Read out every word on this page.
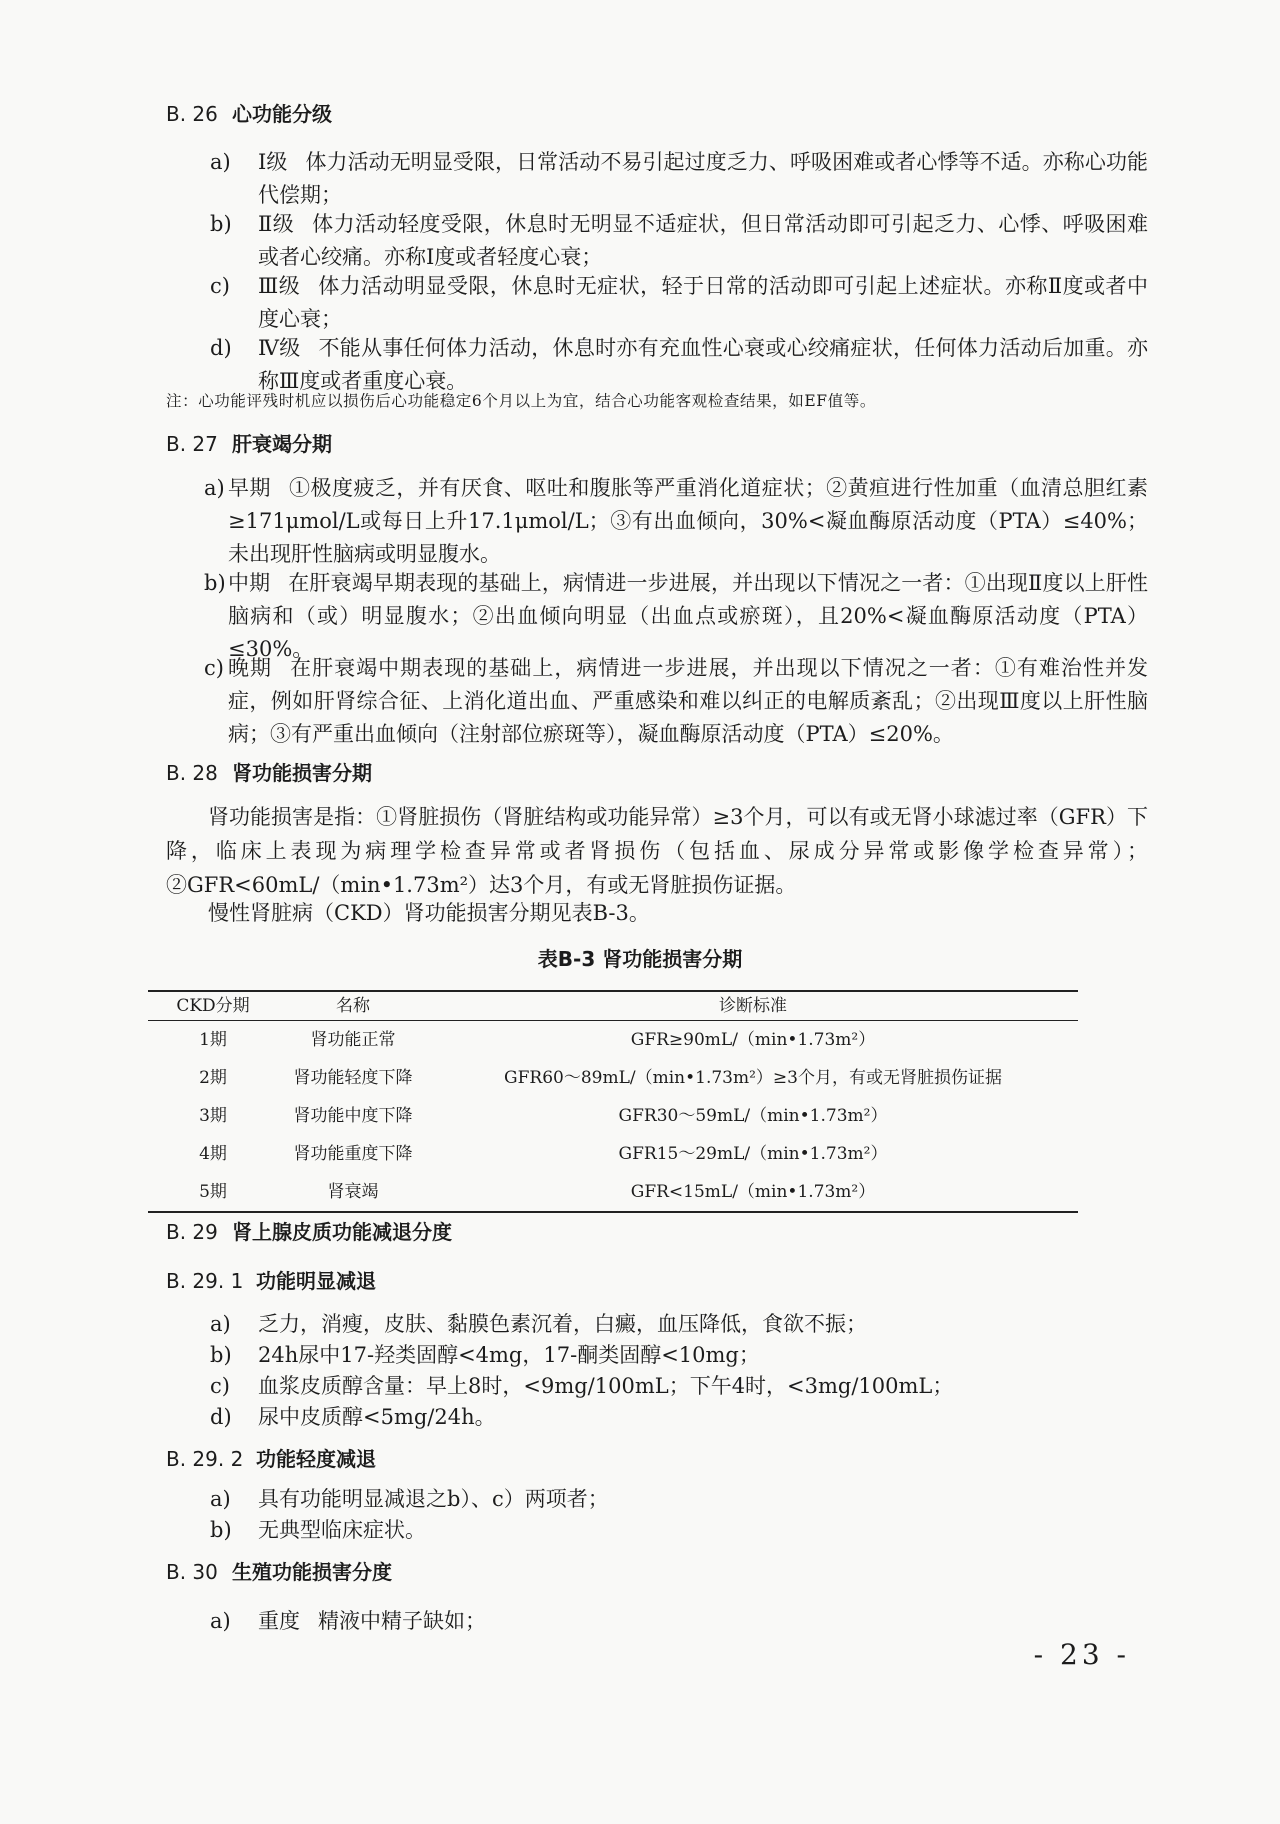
B. 26 心功能分级
a)	Ⅰ级 体力活动无明显受限，日常活动不易引起过度乏力、呼吸困难或者心悸等不适。亦称心功能代偿期；
b)	Ⅱ级 体力活动轻度受限，休息时无明显不适症状，但日常活动即可引起乏力、心悸、呼吸困难或者心绞痛。亦称Ⅰ度或者轻度心衰；
c)	Ⅲ级 体力活动明显受限，休息时无症状，轻于日常的活动即可引起上述症状。亦称Ⅱ度或者中度心衰；
d)	Ⅳ级 不能从事任何体力活动，休息时亦有充血性心衰或心绞痛症状，任何体力活动后加重。亦称Ⅲ度或者重度心衰。
注：心功能评残时机应以损伤后心功能稳定6个月以上为宜，结合心功能客观检查结果，如EF值等。
B. 27 肝衰竭分期
a) 早期 ①极度疲乏，并有厌食、呕吐和腹胀等严重消化道症状；②黄疸进行性加重（血清总胆红素≥171μmol/L或每日上升17.1μmol/L；③有出血倾向，30%<凝血酶原活动度（PTA）≤40%；未出现肝性脑病或明显腹水。
b) 中期 在肝衰竭早期表现的基础上，病情进一步进展，并出现以下情况之一者：①出现Ⅱ度以上肝性脑病和（或）明显腹水；②出血倾向明显（出血点或瘀斑），且20%<凝血酶原活动度（PTA）≤30%。
c) 晚期 在肝衰竭中期表现的基础上，病情进一步进展，并出现以下情况之一者：①有难治性并发症，例如肝肾综合征、上消化道出血、严重感染和难以纠正的电解质紊乱；②出现Ⅲ度以上肝性脑病；③有严重出血倾向（注射部位瘀斑等），凝血酶原活动度（PTA）≤20%。
B. 28 肾功能损害分期
肾功能损害是指：①肾脏损伤（肾脏结构或功能异常）≥3个月，可以有或无肾小球滤过率（GFR）下降，临床上表现为病理学检查异常或者肾损伤（包括血、尿成分异常或影像学检查异常）；②GFR<60mL/（min•1.73m²）达3个月，有或无肾脏损伤证据。
慢性肾脏病（CKD）肾功能损害分期见表B-3。
表B-3 肾功能损害分期
CKD分期	名称	诊断标准
1期	肾功能正常	GFR≥90mL/（min•1.73m²）
2期	肾功能轻度下降	GFR60～89mL/（min•1.73m²）≥3个月，有或无肾脏损伤证据
3期	肾功能中度下降	GFR30～59mL/（min•1.73m²）
4期	肾功能重度下降	GFR15～29mL/（min•1.73m²）
5期	肾衰竭	GFR<15mL/（min•1.73m²）
B. 29 肾上腺皮质功能减退分度
B. 29. 1 功能明显减退
a)	乏力，消瘦，皮肤、黏膜色素沉着，白癜，血压降低，食欲不振；
b)	24h尿中17-羟类固醇<4mg，17-酮类固醇<10mg；
c)	血浆皮质醇含量：早上8时，<9mg/100mL；下午4时，<3mg/100mL；
d)	尿中皮质醇<5mg/24h。
B. 29. 2 功能轻度减退
a)	具有功能明显减退之b）、c）两项者；
b)	无典型临床症状。
B. 30 生殖功能损害分度
a)	重度 精液中精子缺如；
- 23 -
